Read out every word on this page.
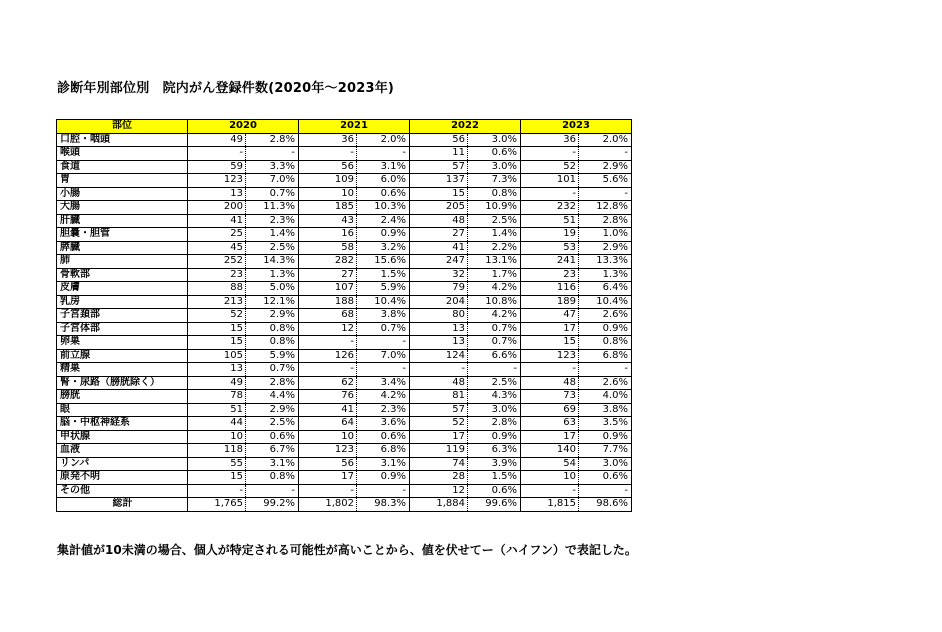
診断年別部位別　院内がん登録件数(2020年～2023年)
部位	2020		2021		2022		2023	
口腔・咽頭	49	2.8%	36	2.0%	56	3.0%	36	2.0%
喉頭	-	-	-	-	11	0.6%	-	-
食道	59	3.3%	56	3.1%	57	3.0%	52	2.9%
胃	123	7.0%	109	6.0%	137	7.3%	101	5.6%
小腸	13	0.7%	10	0.6%	15	0.8%	-	-
大腸	200	11.3%	185	10.3%	205	10.9%	232	12.8%
肝臓	41	2.3%	43	2.4%	48	2.5%	51	2.8%
胆嚢・胆管	25	1.4%	16	0.9%	27	1.4%	19	1.0%
膵臓	45	2.5%	58	3.2%	41	2.2%	53	2.9%
肺	252	14.3%	282	15.6%	247	13.1%	241	13.3%
骨軟部	23	1.3%	27	1.5%	32	1.7%	23	1.3%
皮膚	88	5.0%	107	5.9%	79	4.2%	116	6.4%
乳房	213	12.1%	188	10.4%	204	10.8%	189	10.4%
子宮頚部	52	2.9%	68	3.8%	80	4.2%	47	2.6%
子宮体部	15	0.8%	12	0.7%	13	0.7%	17	0.9%
卵巣	15	0.8%	-	-	13	0.7%	15	0.8%
前立腺	105	5.9%	126	7.0%	124	6.6%	123	6.8%
精巣	13	0.7%	-	-	-	-	-	-
腎・尿路（膀胱除く）	49	2.8%	62	3.4%	48	2.5%	48	2.6%
膀胱	78	4.4%	76	4.2%	81	4.3%	73	4.0%
眼	51	2.9%	41	2.3%	57	3.0%	69	3.8%
脳・中枢神経系	44	2.5%	64	3.6%	52	2.8%	63	3.5%
甲状腺	10	0.6%	10	0.6%	17	0.9%	17	0.9%
血液	118	6.7%	123	6.8%	119	6.3%	140	7.7%
リンパ	55	3.1%	56	3.1%	74	3.9%	54	3.0%
原発不明	15	0.8%	17	0.9%	28	1.5%	10	0.6%
その他	-	-	-	-	12	0.6%	-	-
総計	1,765	99.2%	1,802	98.3%	1,884	99.6%	1,815	98.6%
集計値が10未満の場合、個人が特定される可能性が高いことから、値を伏せてー（ハイフン）で表記した。
